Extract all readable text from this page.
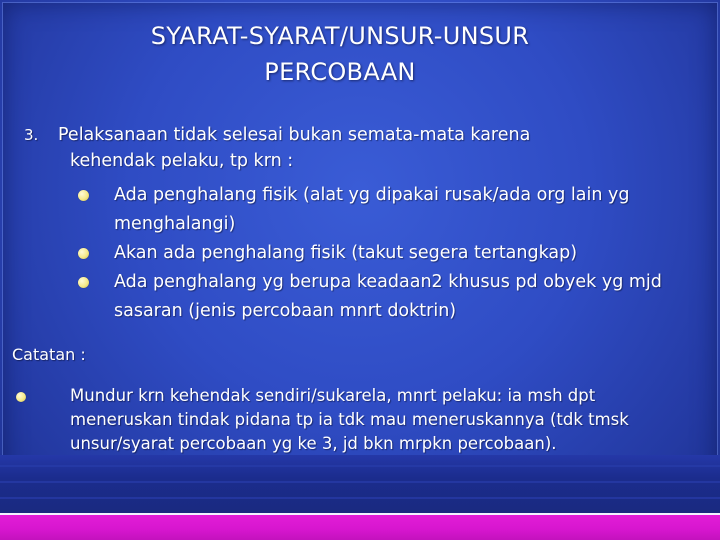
SYARAT-SYARAT/UNSUR-UNSUR
PERCOBAAN
3.	Pelaksanaan tidak selesai bukan semata-mata karena
kehendak pelaku, tp krn :
Ada penghalang fisik (alat yg dipakai rusak/ada org lain yg menghalangi)
Akan ada penghalang fisik (takut segera tertangkap)
Ada penghalang yg berupa keadaan2 khusus pd obyek yg mjd sasaran (jenis percobaan mnrt doktrin)
Catatan :
Mundur krn kehendak sendiri/sukarela, mnrt pelaku: ia msh dpt meneruskan tindak pidana tp ia tdk mau meneruskannya (tdk tmsk unsur/syarat percobaan yg ke 3, jd bkn mrpkn percobaan).
